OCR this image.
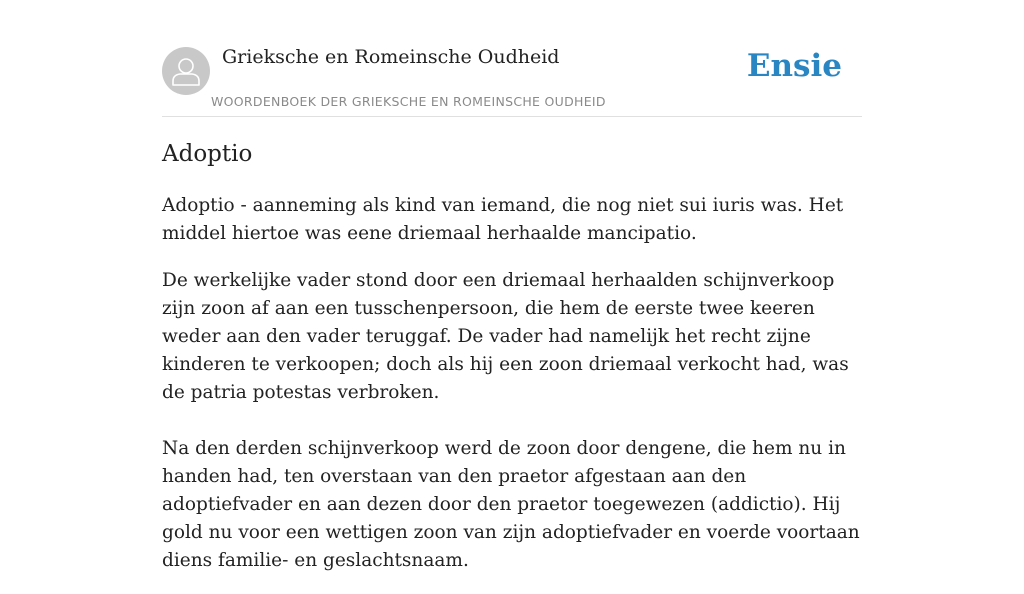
Grieksche en Romeinsche Oudheid
WOORDENBOEK DER GRIEKSCHE EN ROMEINSCHE OUDHEID
Ensie
Adoptio

Adoptio - aanneming als kind van iemand, die nog niet sui iuris was. Het middel hiertoe was eene driemaal herhaalde mancipatio.

De werkelijke vader stond door een driemaal herhaalden schijnverkoop zijn zoon af aan een tusschenpersoon, die hem de eerste twee keeren weder aan den vader teruggaf. De vader had namelijk het recht zijne kinderen te verkoopen; doch als hij een zoon driemaal verkocht had, was de patria potestas verbroken.

Na den derden schijnverkoop werd de zoon door dengene, die hem nu in handen had, ten overstaan van den praetor afgestaan aan den adoptiefvader en aan dezen door den praetor toegewezen (addictio). Hij gold nu voor een wettigen zoon van zijn adoptiefvader en voerde voortaan diens familie- en geslachtsnaam.
